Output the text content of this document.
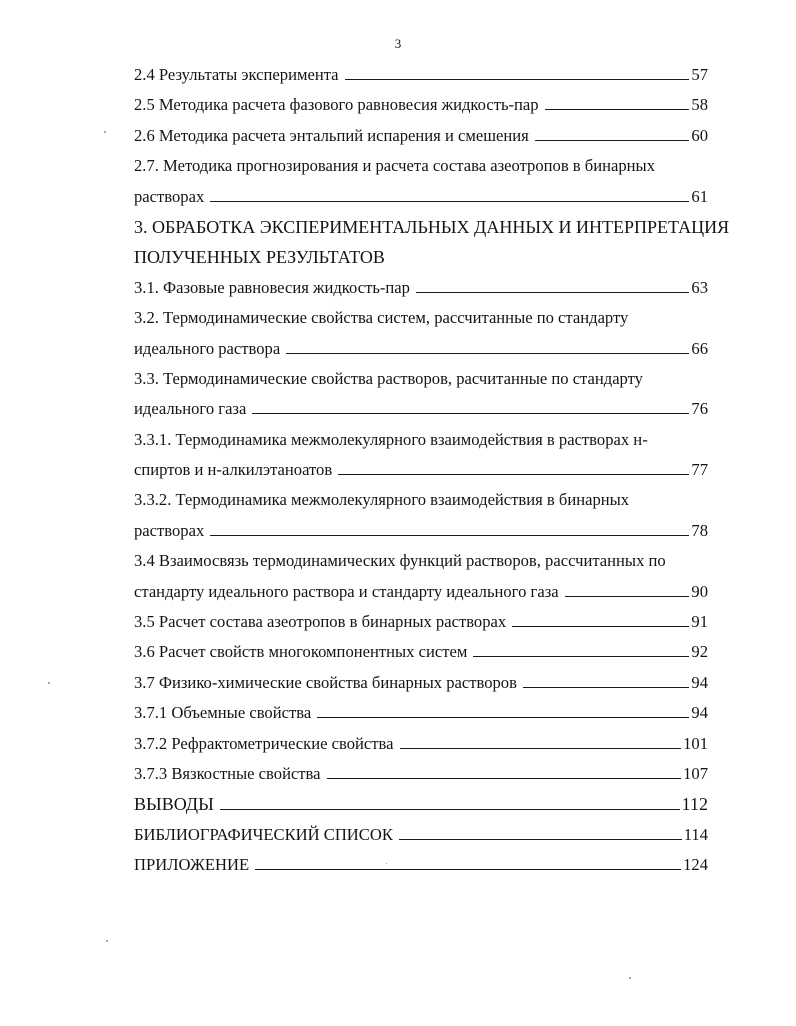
3
2.4 Результаты эксперимента	57
2.5 Методика расчета фазового равновесия жидкость-пар	58
2.6 Методика расчета энтальпий испарения и смешения	60
2.7. Методика прогнозирования и расчета состава азеотропов в бинарных
растворах	61
3. ОБРАБОТКА ЭКСПЕРИМЕНТАЛЬНЫХ ДАННЫХ И ИНТЕРПРЕТАЦИЯ
ПОЛУЧЕННЫХ РЕЗУЛЬТАТОВ
3.1. Фазовые равновесия жидкость-пар	63
3.2. Термодинамические свойства систем, рассчитанные по стандарту
идеального раствора	66
3.3. Термодинамические свойства растворов, расчитанные по стандарту
идеального газа	76
3.3.1. Термодинамика межмолекулярного взаимодействия в растворах н-
спиртов и н-алкилэтаноатов	77
3.3.2. Термодинамика межмолекулярного взаимодействия в бинарных
растворах	78
3.4 Взаимосвязь термодинамических функций растворов, рассчитанных по
стандарту идеального раствора и стандарту идеального газа	90
3.5 Расчет состава азеотропов в бинарных растворах	91
3.6 Расчет свойств многокомпонентных систем	92
3.7 Физико-химические свойства бинарных растворов	94
3.7.1 Объемные свойства	94
3.7.2 Рефрактометрические свойства	101
3.7.3 Вязкостные свойства	107
ВЫВОДЫ	112
БИБЛИОГРАФИЧЕСКИЙ СПИСОК	114
ПРИЛОЖЕНИЕ	124
